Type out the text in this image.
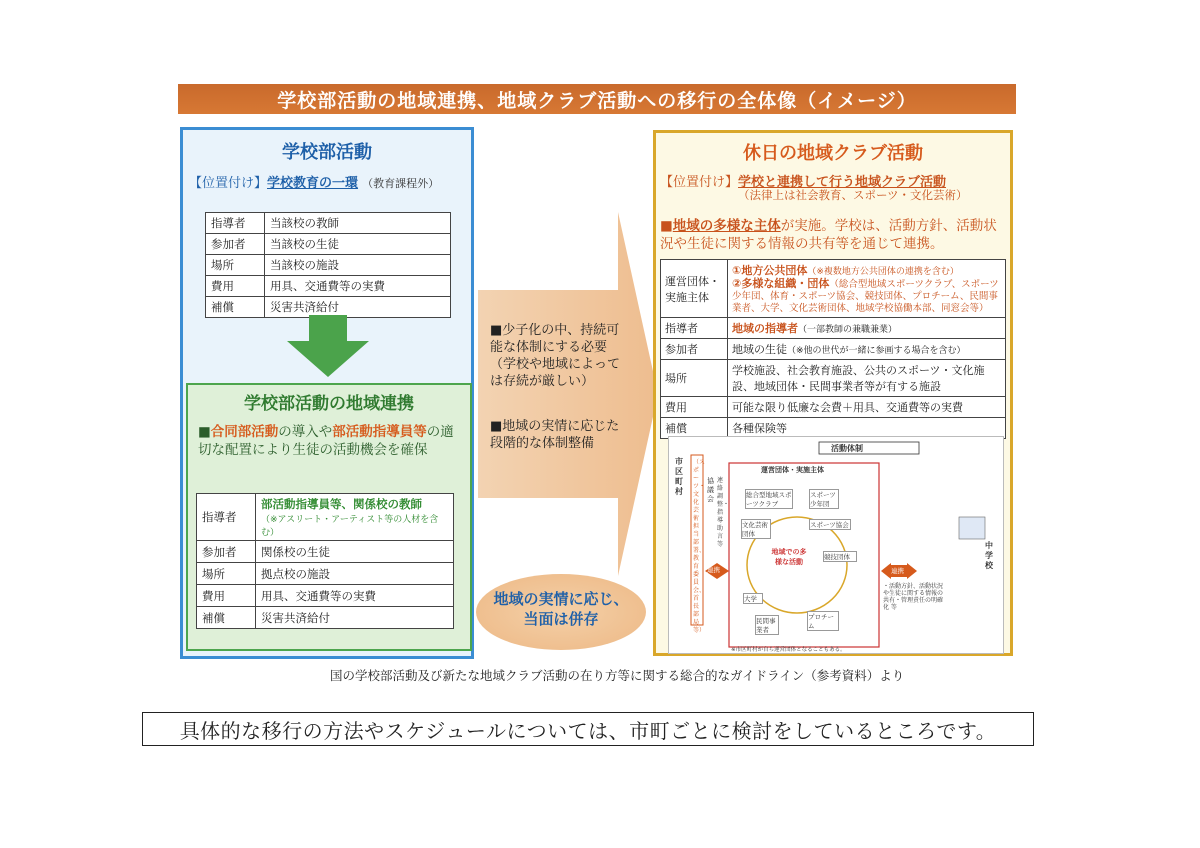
学校部活動の地域連携、地域クラブ活動への移行の全体像（イメージ）
学校部活動
【位置付け】学校教育の一環 （教育課程外）
指導者	当該校の教師
参加者	当該校の生徒
場所	当該校の施設
費用	用具、交通費等の実費
補償	災害共済給付
学校部活動の地域連携
■合同部活動の導入や部活動指導員等の適切な配置により生徒の活動機会を確保
指導者	部活動指導員等、関係校の教師
（※アスリート・アーティスト等の人材を含む）

参加者	関係校の生徒
場所	拠点校の施設
費用	用具、交通費等の実費
補償	災害共済給付
■少子化の中、持続可能な体制にする必要（学校や地域によっては存続が厳しい）
■地域の実情に応じた段階的な体制整備
地域の実情に応じ、
当面は併存
休日の地域クラブ活動
【位置付け】学校と連携して行う地域クラブ活動
（法律上は社会教育、スポーツ・文化芸術）
■地域の多様な主体が実施。学校は、活動方針、活動状況や生徒に関する情報の共有等を通じて連携。
運営団体・実施主体	①地方公共団体（※複数地方公共団体の連携を含む）
②多様な組織・団体（総合型地域スポーツクラブ、スポーツ少年団、体育・スポーツ協会、競技団体、プロチーム、民間事業者、大学、文化芸術団体、地域学校協働本部、同窓会等）

指導者	地域の指導者（一部教師の兼職兼業）
参加者	地域の生徒（※他の世代が一緒に参画する場合を含む）
場所	学校施設、社会教育施設、公共のスポーツ・文化施設、地域団体・民間事業者等が有する施設
費用	可能な限り低廉な会費＋用具、交通費等の実費
補償	各種保険等
活動体制
市区町村
（スポーツ・文化芸術担当部署、教育委員会、首長部局等）
協議会
連絡調整・指導助言等
運営団体・実施主体
総合型地域スポーツクラブ
スポーツ少年団
文化芸術団体
スポーツ協会
競技団体
地域での多様な活動
大学
民間事業者
プロチーム
連携	連携
中学校
・活動方針、活動状況や生徒に関する情報の共有・管理責任の明確化 等
※市区町村が自ら運営団体となることもある。
国の学校部活動及び新たな地域クラブ活動の在り方等に関する総合的なガイドライン（参考資料）より
具体的な移行の方法やスケジュールについては、市町ごとに検討をしているところです。
